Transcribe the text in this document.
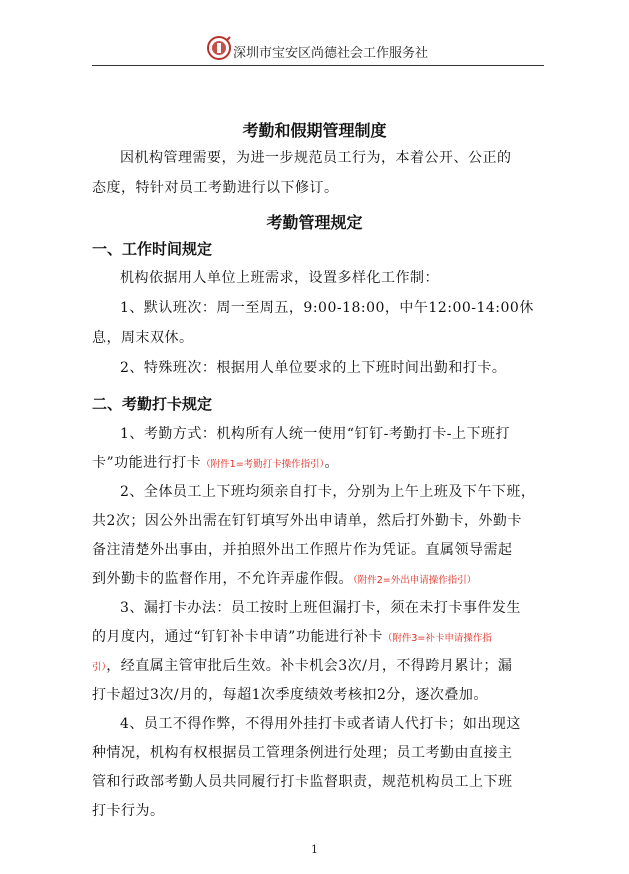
深圳市宝安区尚德社会工作服务社
考勤和假期管理制度
因机构管理需要，为进一步规范员工行为，本着公开、公正的
态度，特针对员工考勤进行以下修订。
考勤管理规定
一、工作时间规定
机构依据用人单位上班需求，设置多样化工作制：
1、默认班次：周一至周五，9:00-18:00，中午12:00-14:00休
息，周末双休。
2、特殊班次：根据用人单位要求的上下班时间出勤和打卡。
二、考勤打卡规定
1、考勤方式：机构所有人统一使用“钉钉-考勤打卡-上下班打
卡”功能进行打卡（附件1=考勤打卡操作指引）。
2、全体员工上下班均须亲自打卡，分别为上午上班及下午下班，
共2次；因公外出需在钉钉填写外出申请单，然后打外勤卡，外勤卡
备注清楚外出事由，并拍照外出工作照片作为凭证。直属领导需起
到外勤卡的监督作用，不允许弄虚作假。（附件2=外出申请操作指引）
3、漏打卡办法：员工按时上班但漏打卡，须在未打卡事件发生
的月度内，通过“钉钉补卡申请”功能进行补卡（附件3=补卡申请操作指
引），经直属主管审批后生效。补卡机会3次/月，不得跨月累计；漏
打卡超过3次/月的，每超1次季度绩效考核扣2分，逐次叠加。
4、员工不得作弊，不得用外挂打卡或者请人代打卡；如出现这
种情况，机构有权根据员工管理条例进行处理；员工考勤由直接主
管和行政部考勤人员共同履行打卡监督职责，规范机构员工上下班
打卡行为。
1
